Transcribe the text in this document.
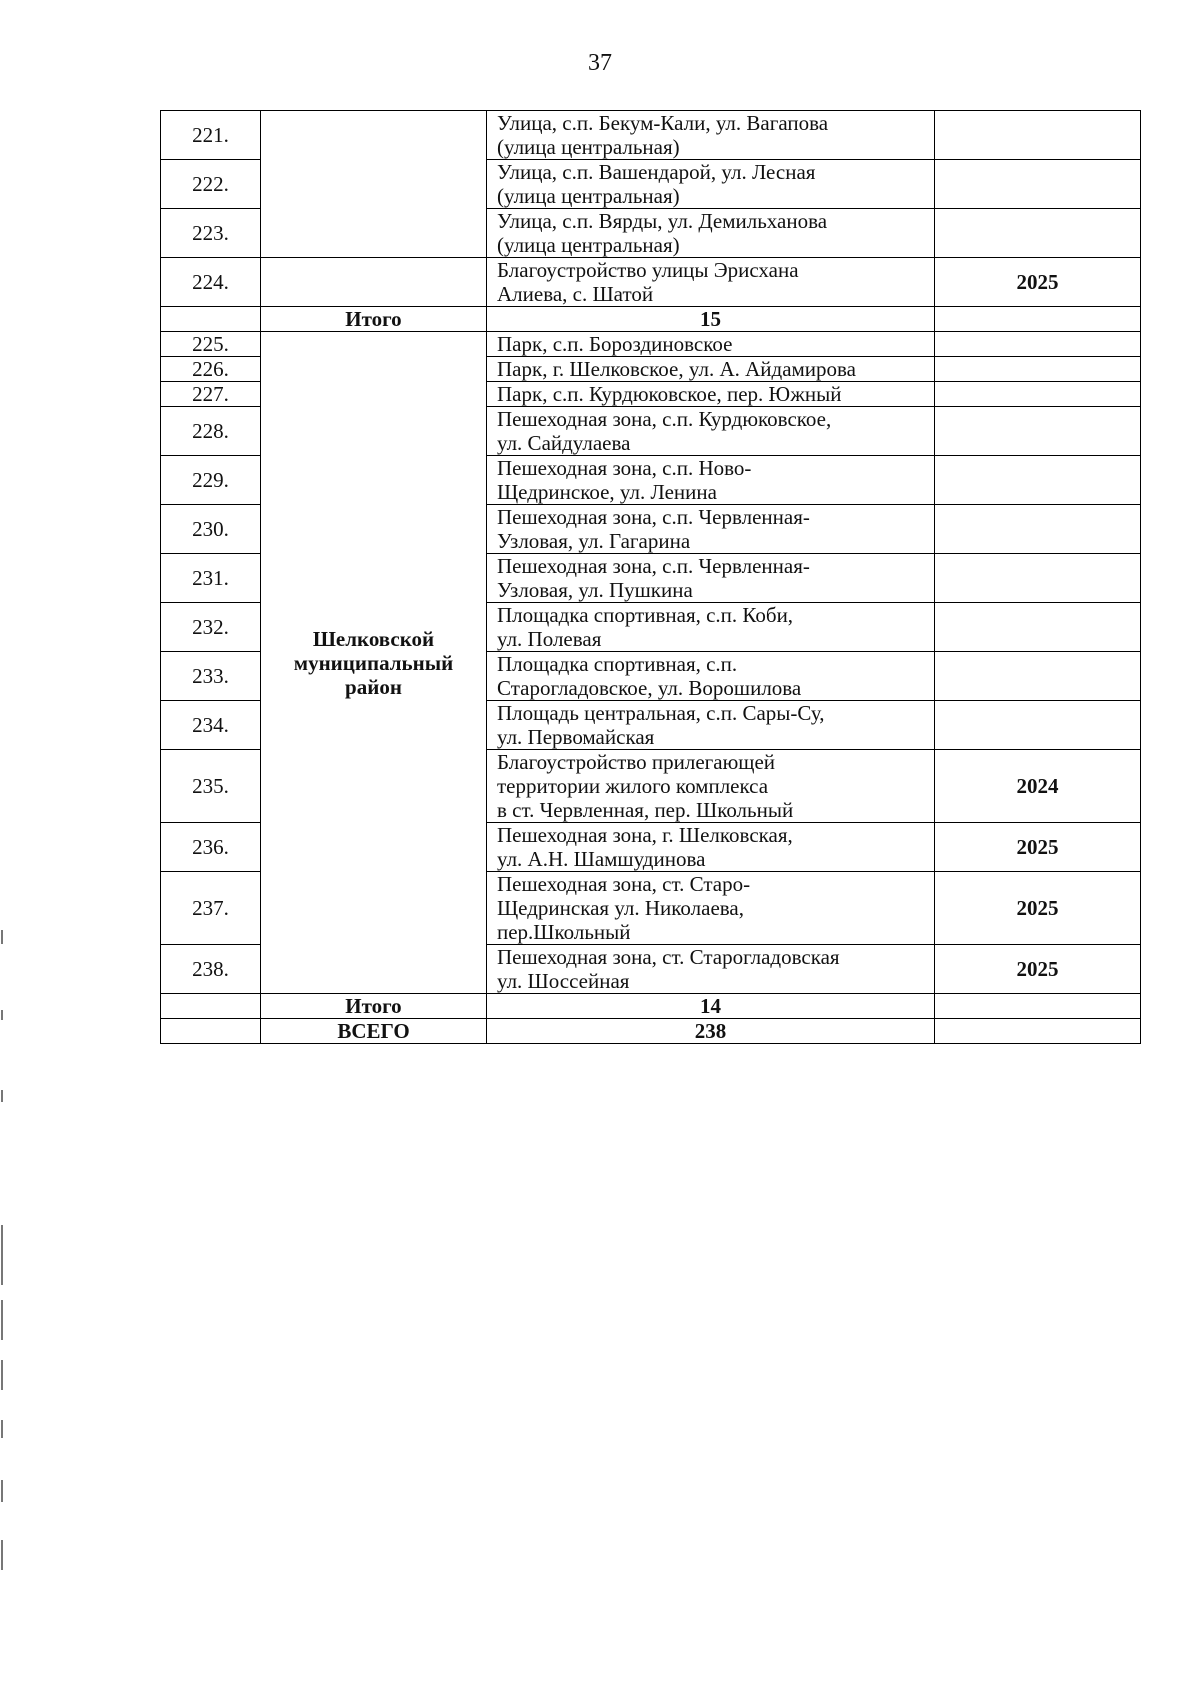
37
221.		Улица, с.п. Бекум-Кали, ул. Вагапова
(улица центральная)	
222.		Улица, с.п. Вашендарой, ул. Лесная
(улица центральная)	
223.		Улица, с.п. Вярды, ул. Демильханова
(улица центральная)	
224.		Благоустройство улицы Эрисхана
Алиева, с. Шатой	2025
	Итого	15	
225.	Шелковской муниципальный район	Парк, с.п. Бороздиновское	
226.		Парк, г. Шелковское, ул. А. Айдамирова	
227.		Парк, с.п. Курдюковское, пер. Южный	
228.		Пешеходная зона, с.п. Курдюковское,
ул. Сайдулаева	
229.		Пешеходная зона, с.п. Ново-
Щедринское, ул. Ленина	
230.		Пешеходная зона, с.п. Червленная-
Узловая, ул. Гагарина	
231.		Пешеходная зона, с.п. Червленная-
Узловая, ул. Пушкина	
232.		Площадка спортивная, с.п. Коби,
ул. Полевая	
233.		Площадка спортивная, с.п.
Старогладовское, ул. Ворошилова	
234.		Площадь центральная, с.п. Сары-Су,
ул. Первомайская	
235.		Благоустройство прилегающей
территории жилого комплекса
в ст. Червленная, пер. Школьный	2024
236.		Пешеходная зона, г. Шелковская,
ул. А.Н. Шамшудинова	2025
237.		Пешеходная зона, ст. Старо-
Щедринская ул. Николаева,
пер.Школьный	2025
238.		Пешеходная зона, ст. Старогладовская
ул. Шоссейная	2025
	Итого	14	
	ВСЕГО	238	
